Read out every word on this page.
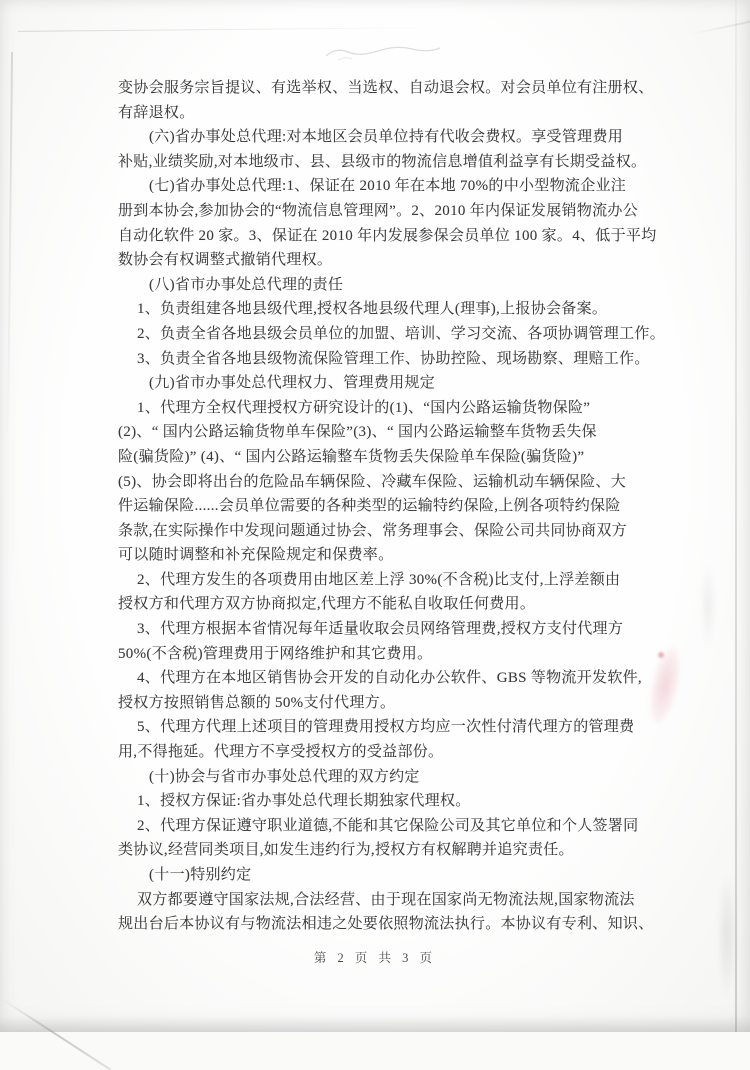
变协会服务宗旨提议、有选举权、当选权、自动退会权。对会员单位有注册权、
有辞退权。
(六)省办事处总代理:对本地区会员单位持有代收会费权。享受管理费用
补贴,业绩奖励,对本地级市、县、县级市的物流信息增值利益享有长期受益权。
(七)省办事处总代理:1、保证在 2010 年在本地 70%的中小型物流企业注
册到本协会,参加协会的“物流信息管理网”。2、2010 年内保证发展销物流办公
自动化软件 20 家。3、保证在 2010 年内发展参保会员单位 100 家。4、低于平均
数协会有权调整式撤销代理权。
(八)省市办事处总代理的责任
1、负责组建各地县级代理,授权各地县级代理人(理事),上报协会备案。
2、负责全省各地县级会员单位的加盟、培训、学习交流、各项协调管理工作。
3、负责全省各地县级物流保险管理工作、协助控险、现场勘察、理赔工作。
(九)省市办事处总代理权力、管理费用规定
1、代理方全权代理授权方研究设计的(1)、“国内公路运输货物保险”
(2)、“ 国内公路运输货物单车保险”(3)、“ 国内公路运输整车货物丢失保
险(骗货险)” (4)、“ 国内公路运输整车货物丢失保险单车保险(骗货险)”
(5)、协会即将出台的危险品车辆保险、冷藏车保险、运输机动车辆保险、大
件运输保险......会员单位需要的各种类型的运输特约保险,上例各项特约保险
条款,在实际操作中发现问题通过协会、常务理事会、保险公司共同协商双方
可以随时调整和补充保险规定和保费率。
2、代理方发生的各项费用由地区差上浮 30%(不含税)比支付,上浮差额由
授权方和代理方双方协商拟定,代理方不能私自收取任何费用。
3、代理方根据本省情况每年适量收取会员网络管理费,授权方支付代理方
50%(不含税)管理费用于网络维护和其它费用。
4、代理方在本地区销售协会开发的自动化办公软件、GBS 等物流开发软件,
授权方按照销售总额的 50%支付代理方。
5、代理方代理上述项目的管理费用授权方均应一次性付清代理方的管理费
用,不得拖延。代理方不享受授权方的受益部份。
(十)协会与省市办事处总代理的双方约定
1、授权方保证:省办事处总代理长期独家代理权。
2、代理方保证遵守职业道德,不能和其它保险公司及其它单位和个人签署同
类协议,经营同类项目,如发生违约行为,授权方有权解聘并追究责任。
(十一)特别约定
双方都要遵守国家法规,合法经营、由于现在国家尚无物流法规,国家物流法
规出台后本协议有与物流法相违之处要依照物流法执行。本协议有专利、知识、
第 2 页 共 3 页
